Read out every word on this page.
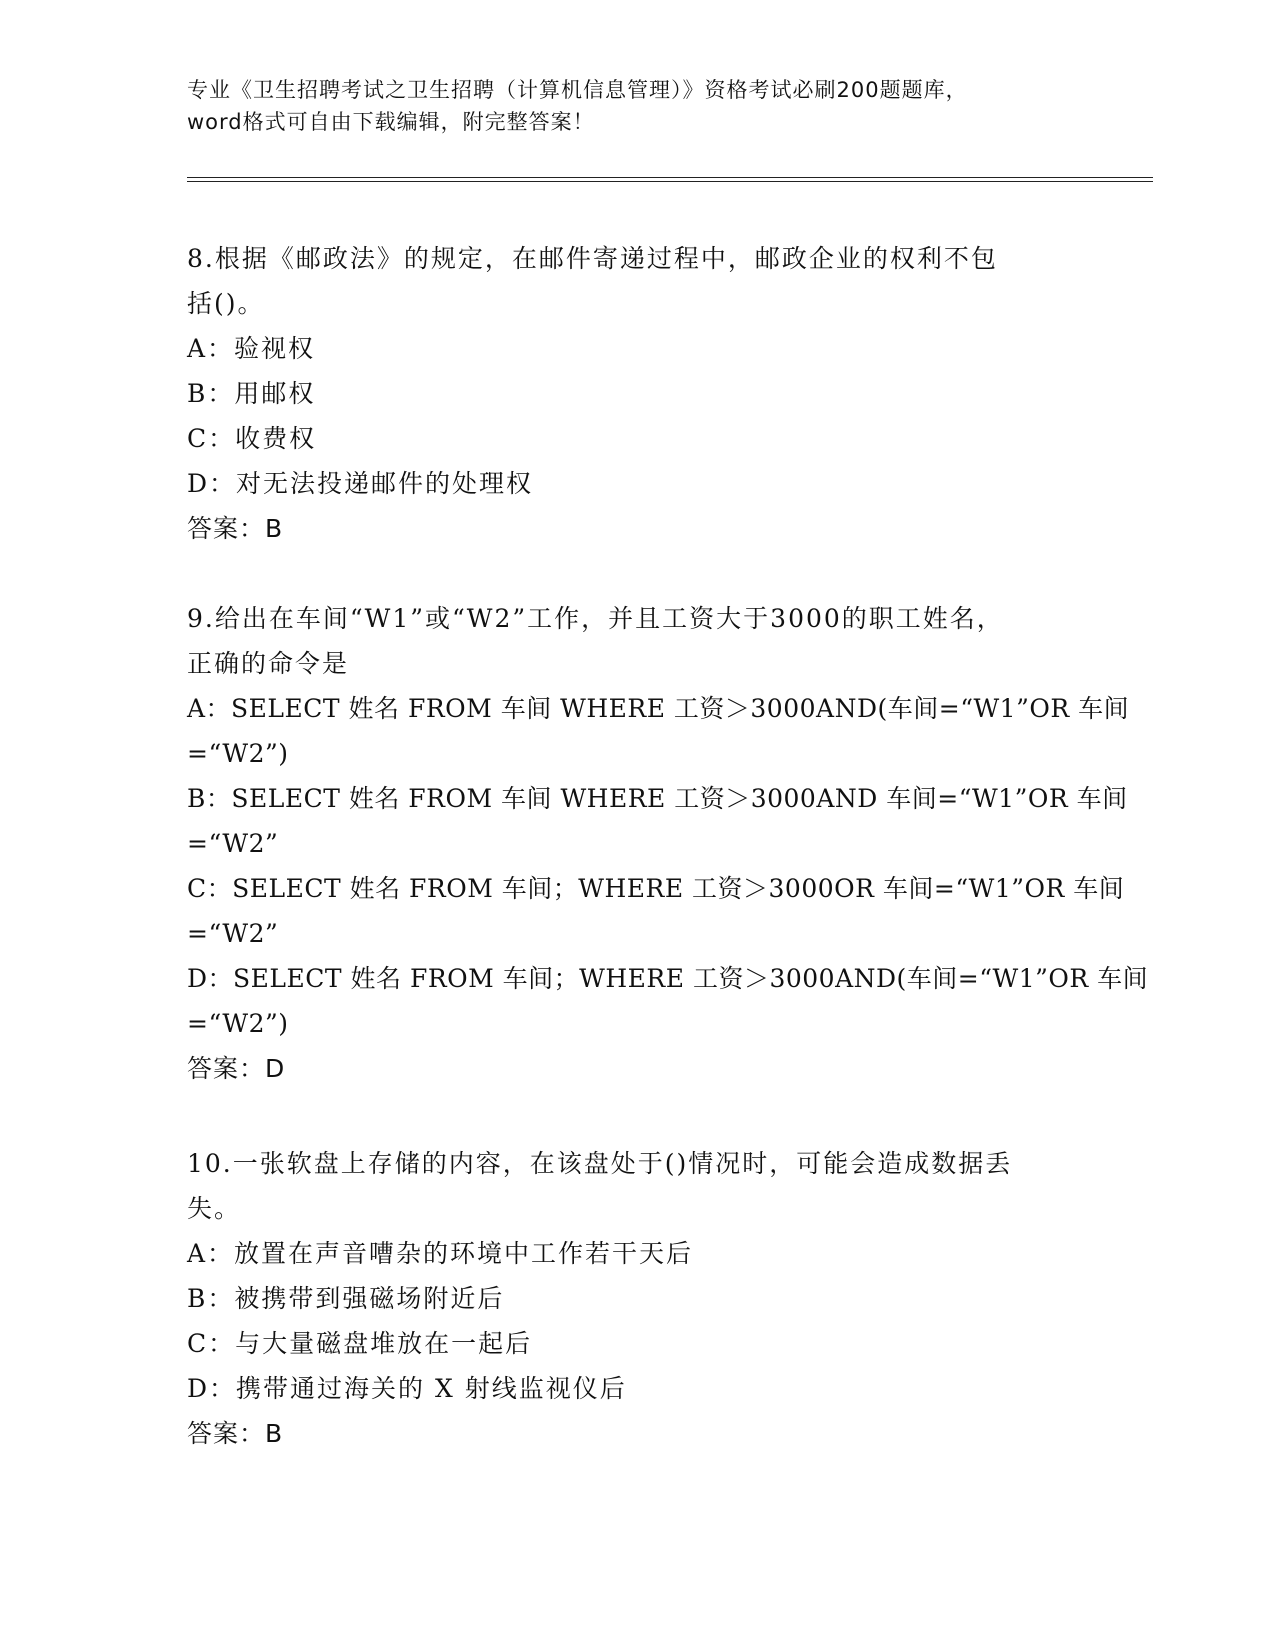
专业《卫生招聘考试之卫生招聘（计算机信息管理）》资格考试必刷200题题库，
word格式可自由下载编辑，附完整答案！
8.根据《邮政法》的规定，在邮件寄递过程中，邮政企业的权利不包
括()。
A：验视权
B：用邮权
C：收费权
D：对无法投递邮件的处理权
答案：B
9.给出在车间“W1”或“W2”工作，并且工资大于3000的职工姓名，
正确的命令是
A：SELECT 姓名 FROM 车间 WHERE 工资＞3000AND(车间=“W1”OR 车间
=“W2”)
B：SELECT 姓名 FROM 车间 WHERE 工资＞3000AND 车间=“W1”OR 车间
=“W2”
C：SELECT 姓名 FROM 车间；WHERE 工资＞3000OR 车间=“W1”OR 车间
=“W2”
D：SELECT 姓名 FROM 车间；WHERE 工资＞3000AND(车间=“W1”OR 车间
=“W2”)
答案：D
10.一张软盘上存储的内容，在该盘处于()情况时，可能会造成数据丢
失。
A：放置在声音嘈杂的环境中工作若干天后
B：被携带到强磁场附近后
C：与大量磁盘堆放在一起后
D：携带通过海关的 X 射线监视仪后
答案：B
